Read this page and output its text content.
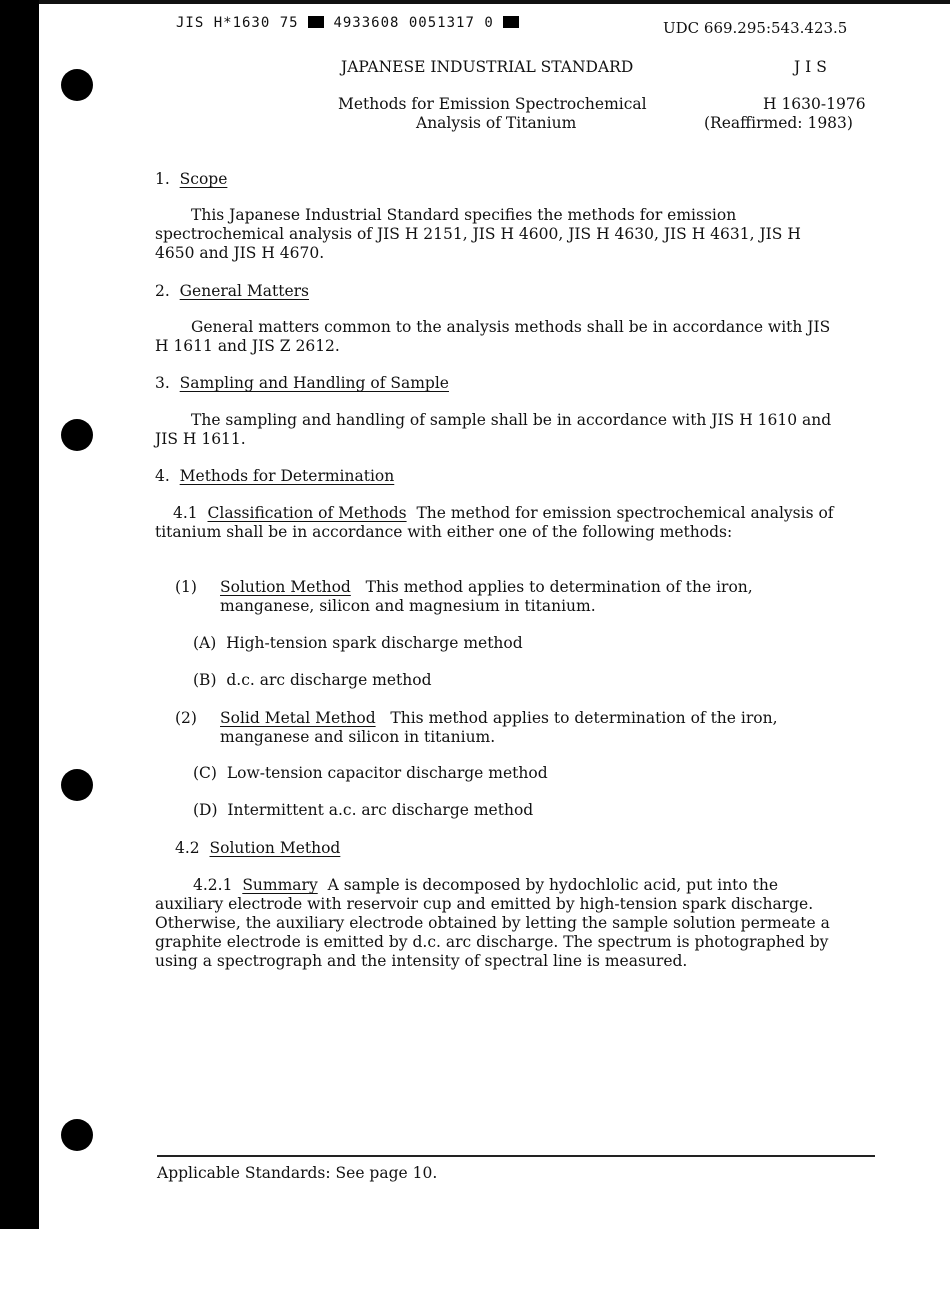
JIS H*1630 75 4933608 0051317 0	UDC 669.295:543.423.5
JAPANESE INDUSTRIAL STANDARD	J I S
Methods for Emission Spectrochemical
Analysis of Titanium
H 1630-1976
(Reaffirmed: 1983)
1. Scope
This Japanese Industrial Standard specifies the methods for emission spectrochemical analysis of JIS H 2151, JIS H 4600, JIS H 4630, JIS H 4631, JIS H 4650 and JIS H 4670.
2. General Matters
General matters common to the analysis methods shall be in accordance with JIS H 1611 and JIS Z 2612.
3. Sampling and Handling of Sample
The sampling and handling of sample shall be in accordance with JIS H 1610 and JIS H 1611.
4. Methods for Determination
4.1 Classification of Methods The method for emission spectrochemical analysis of titanium shall be in accordance with either one of the following methods:
(1) Solution Method This method applies to determination of the iron, manganese, silicon and magnesium in titanium.
(A) High-tension spark discharge method
(B) d.c. arc discharge method
(2) Solid Metal Method This method applies to determination of the iron, manganese and silicon in titanium.
(C) Low-tension capacitor discharge method
(D) Intermittent a.c. arc discharge method
4.2 Solution Method
4.2.1 Summary A sample is decomposed by hydochlolic acid, put into the auxiliary electrode with reservoir cup and emitted by high-tension spark discharge. Otherwise, the auxiliary electrode obtained by letting the sample solution permeate a graphite electrode is emitted by d.c. arc discharge. The spectrum is photographed by using a spectrograph and the intensity of spectral line is measured.
Applicable Standards: See page 10.
